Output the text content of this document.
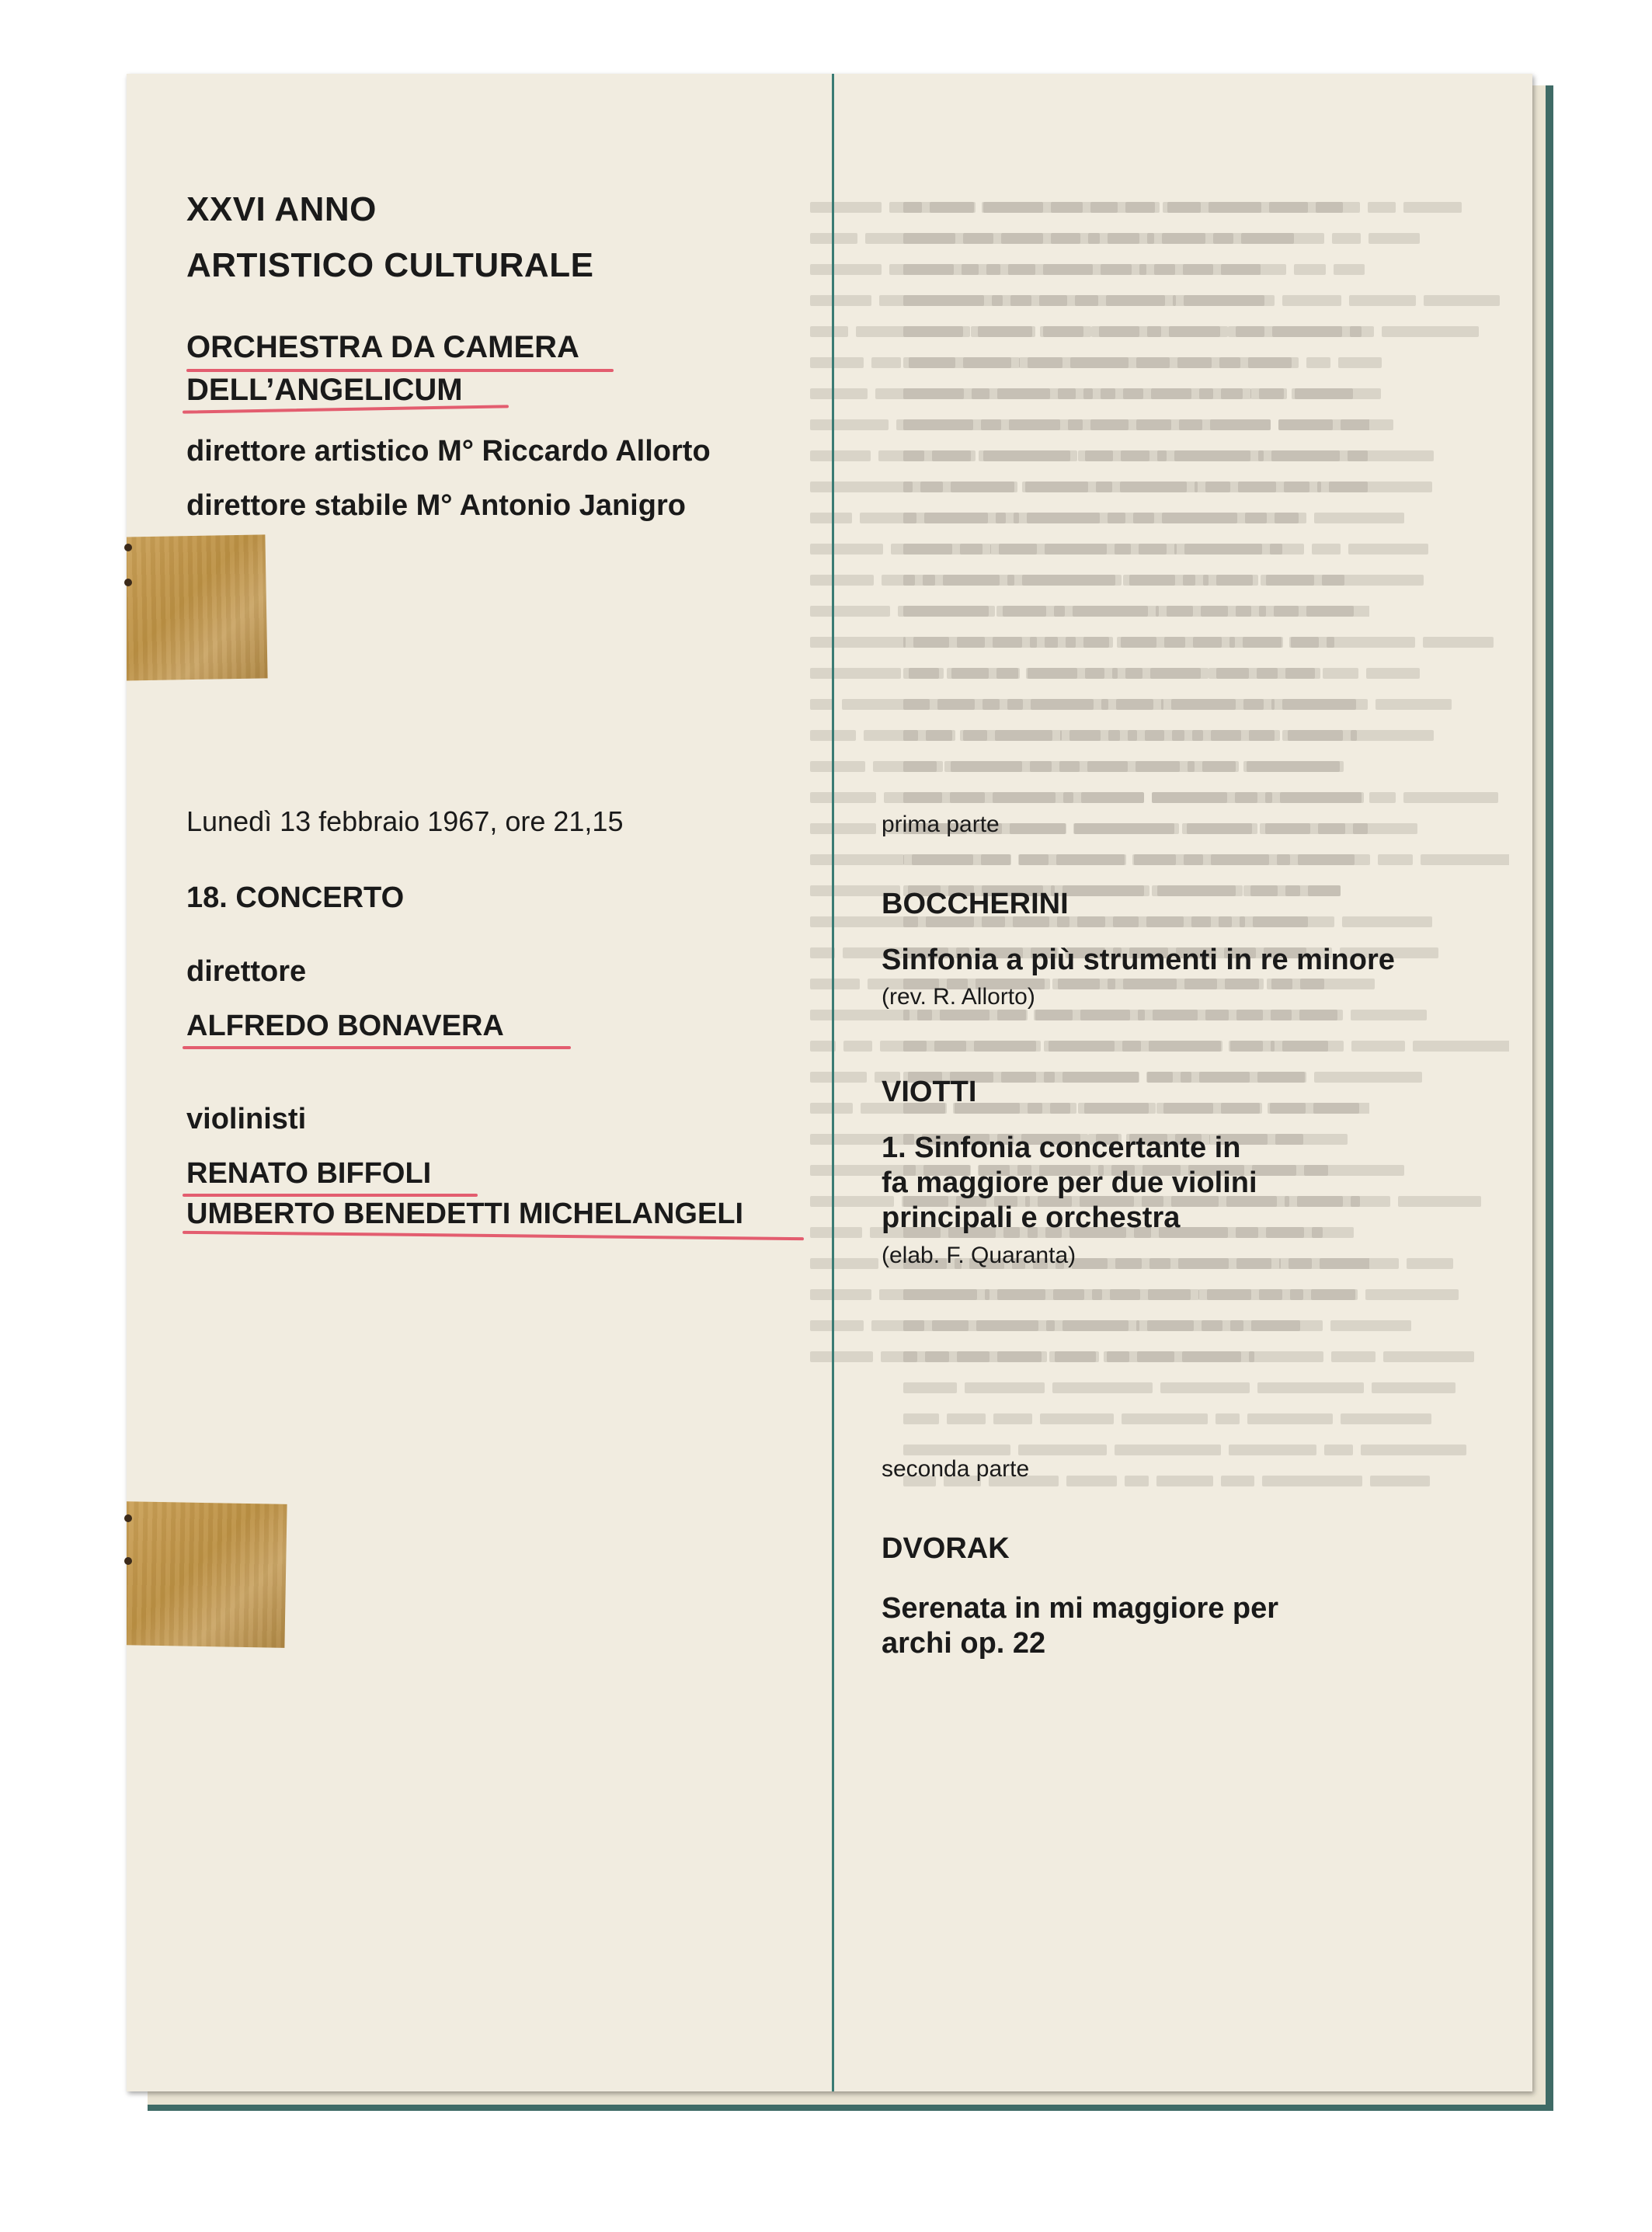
XXVI ANNO
ARTISTICO CULTURALE
ORCHESTRA DA CAMERA
DELL’ANGELICUM
direttore artistico M° Riccardo Allorto
direttore stabile M° Antonio Janigro
Lunedì 13 febbraio 1967, ore 21,15
18. CONCERTO
direttore
ALFREDO BONAVERA
violinisti
RENATO BIFFOLI
UMBERTO BENEDETTI MICHELANGELI
prima parte
BOCCHERINI
Sinfonia a più strumenti in re minore
(rev. R. Allorto)
VIOTTI
1. Sinfonia concertante in
fa maggiore per due violini
principali e orchestra
(elab. F. Quaranta)
seconda parte
DVORAK
Serenata in mi maggiore per
archi op. 22
